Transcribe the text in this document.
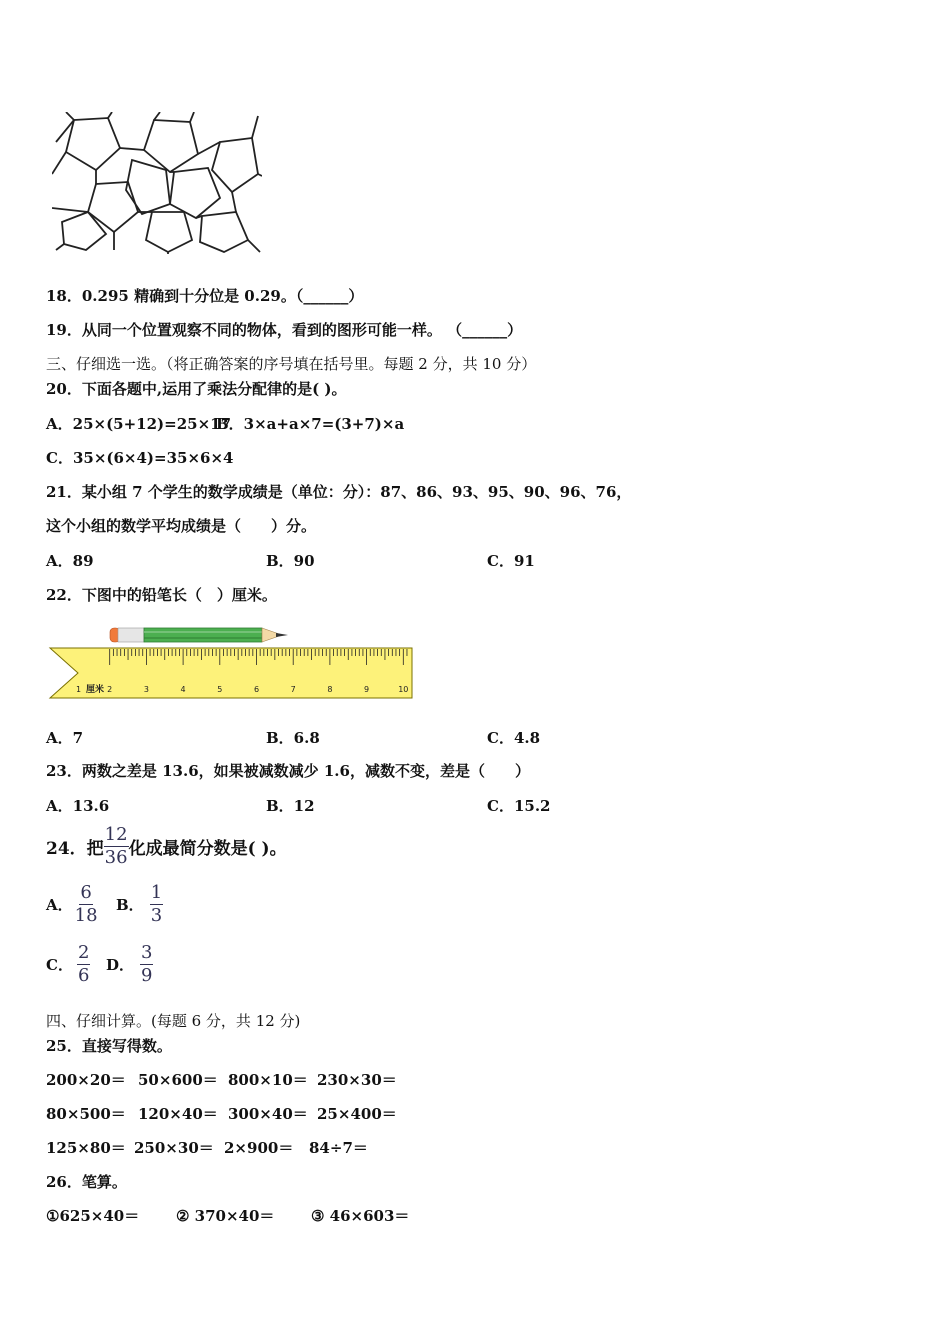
18．0.295 精确到十分位是 0.29。（______）
19．从同一个位置观察不同的物体，看到的图形可能一样。 （______）
三、仔细选一选。（将正确答案的序号填在括号里。每题 2 分，共 10 分）
20．下面各题中,运用了乘法分配律的是( )。
A．25×(5+12)=25×17
B．3×a+a×7=(3+7)×a
C．35×(6×4)=35×6×4
21．某小组 7 个学生的数学成绩是（单位：分）：87、86、93、95、90、96、76，
这个小组的数学平均成绩是（　　）分。
A．89	B．90	C．91
22．下图中的铅笔长（　）厘米。
1	2	3	4	5	6	7	8	9	10
厘米
A．7	B．6.8	C．4.8
23．两数之差是 13.6，如果被减数减少 1.6，减数不变，差是（　　）
A．13.6	B．12	C．15.2
24．把 $\frac{12}{36}$ 化成最简分数是( )。
A． $\frac{6}{18}$ B． $\frac{1}{3}$
C． $\frac{2}{6}$ D． $\frac{3}{9}$
四、仔细计算。(每题 6 分，共 12 分)
25．直接写得数。
200×20＝ 50×600＝ 800×10＝ 230×30＝
80×500＝ 120×40＝ 300×40＝ 25×400＝
125×80＝ 250×30＝ 2×900＝ 84÷7＝
26．笔算。
①625×40＝ ② 370×40＝ ③ 46×603＝
